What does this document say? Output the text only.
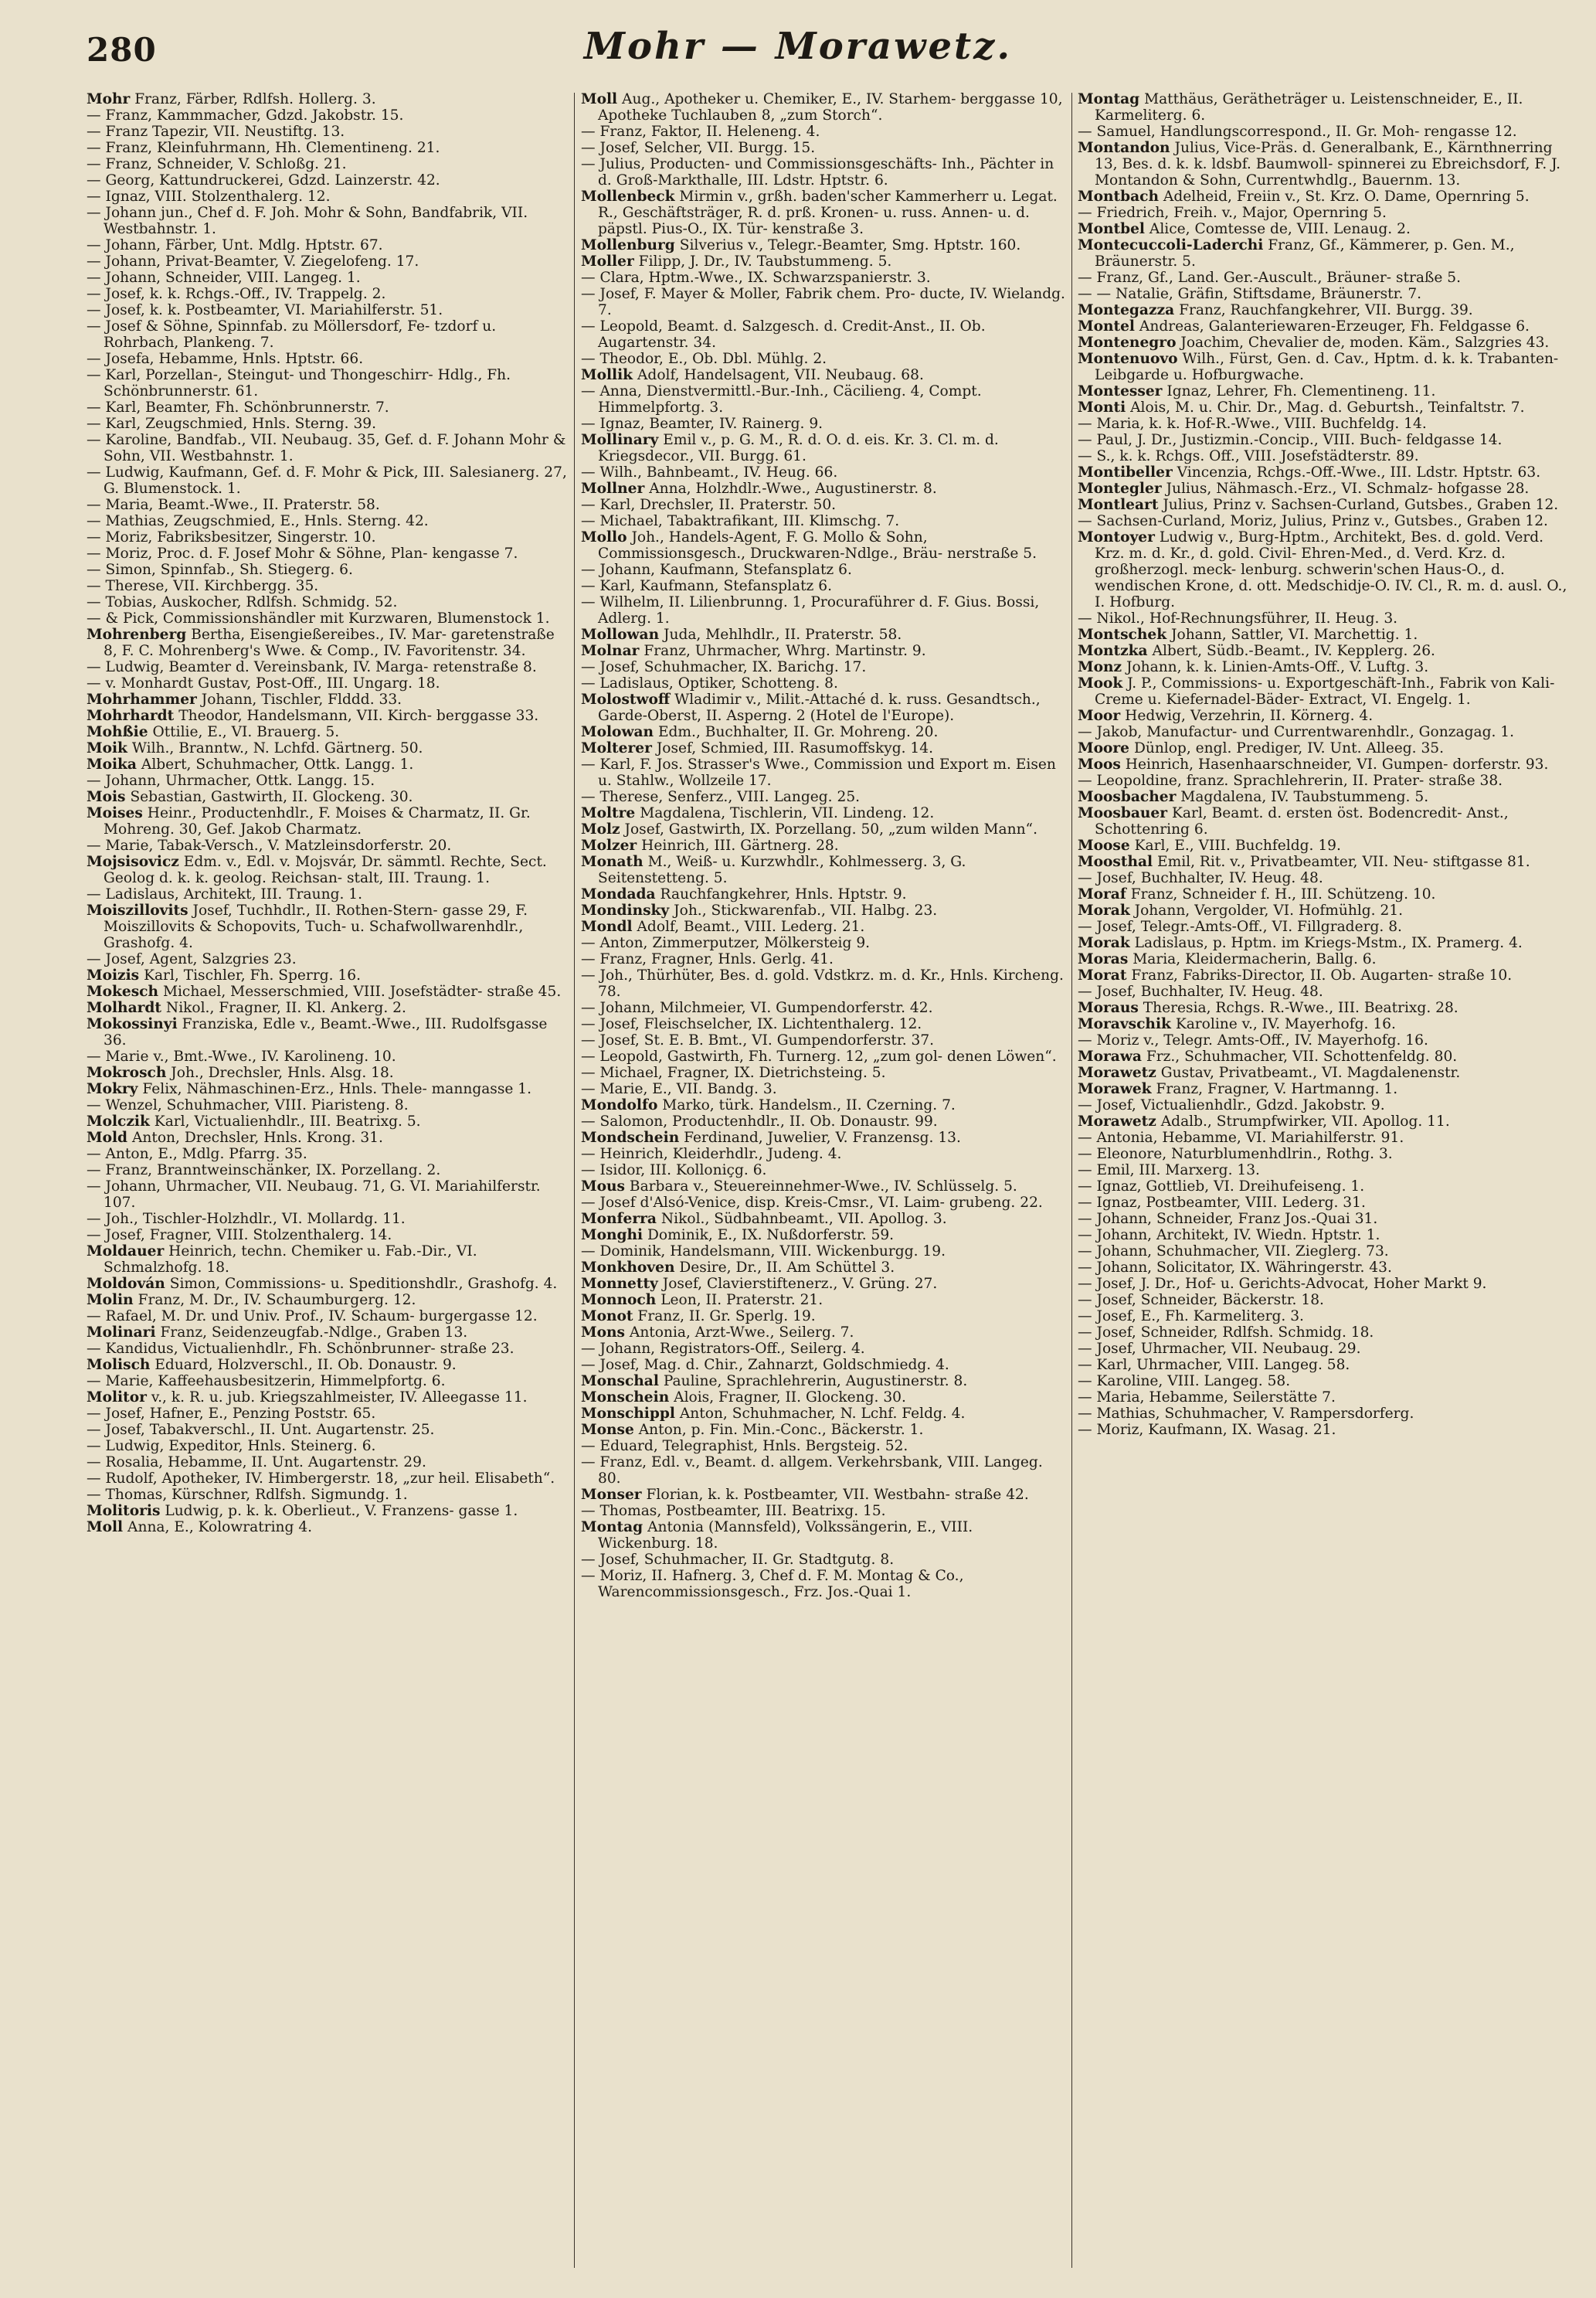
280	Mohr — Morawetz.
Mohr Franz, Färber, Rdlfsh. Hollerg. 3.
— Franz, Kammmacher, Gdzd. Jakobstr. 15.
— Franz Tapezir, VII. Neustiftg. 13.
— Franz, Kleinfuhrmann, Hh. Clementineng. 21.
— Franz, Schneider, V. Schloßg. 21.
— Georg, Kattundruckerei, Gdzd. Lainzerstr. 42.
— Ignaz, VIII. Stolzenthalerg. 12.
— Johann jun., Chef d. F. Joh. Mohr & Sohn, Bandfabrik, VII. Westbahnstr. 1.
— Johann, Färber, Unt. Mdlg. Hptstr. 67.
— Johann, Privat-Beamter, V. Ziegelofeng. 17.
— Johann, Schneider, VIII. Langeg. 1.
— Josef, k. k. Rchgs.-Off., IV. Trappelg. 2.
— Josef, k. k. Postbeamter, VI. Mariahilferstr. 51.
— Josef & Söhne, Spinnfab. zu Möllersdorf, Fe- tzdorf u. Rohrbach, Plankeng. 7.
— Josefa, Hebamme, Hnls. Hptstr. 66.
— Karl, Porzellan-, Steingut- und Thongeschirr- Hdlg., Fh. Schönbrunnerstr. 61.
— Karl, Beamter, Fh. Schönbrunnerstr. 7.
— Karl, Zeugschmied, Hnls. Sterng. 39.
— Karoline, Bandfab., VII. Neubaug. 35, Gef. d. F. Johann Mohr & Sohn, VII. Westbahnstr. 1.
— Ludwig, Kaufmann, Gef. d. F. Mohr & Pick, III. Salesianerg. 27, G. Blumenstock. 1.
— Maria, Beamt.-Wwe., II. Praterstr. 58.
— Mathias, Zeugschmied, E., Hnls. Sterng. 42.
— Moriz, Fabriksbesitzer, Singerstr. 10.
— Moriz, Proc. d. F. Josef Mohr & Söhne, Plan- kengasse 7.
— Simon, Spinnfab., Sh. Stiegerg. 6.
— Therese, VII. Kirchbergg. 35.
— Tobias, Auskocher, Rdlfsh. Schmidg. 52.
— & Pick, Commissionshändler mit Kurzwaren, Blumenstock 1.
Mohrenberg Bertha, Eisengießereibes., IV. Mar- garetenstraße 8, F. C. Mohrenberg's Wwe. & Comp., IV. Favoritenstr. 34.
— Ludwig, Beamter d. Vereinsbank, IV. Marga- retenstraße 8.
— v. Monhardt Gustav, Post-Off., III. Ungarg. 18.
Mohrhammer Johann, Tischler, Flddd. 33.
Mohrhardt Theodor, Handelsmann, VII. Kirch- berggasse 33.
Mohßie Ottilie, E., VI. Brauerg. 5.
Moik Wilh., Branntw., N. Lchfd. Gärtnerg. 50.
Moika Albert, Schuhmacher, Ottk. Langg. 1.
— Johann, Uhrmacher, Ottk. Langg. 15.
Mois Sebastian, Gastwirth, II. Glockeng. 30.
Moises Heinr., Productenhdlr., F. Moises & Charmatz, II. Gr. Mohreng. 30, Gef. Jakob Charmatz.
— Marie, Tabak-Versch., V. Matzleinsdorferstr. 20.
Mojsisovicz Edm. v., Edl. v. Mojsvár, Dr. sämmtl. Rechte, Sect. Geolog d. k. k. geolog. Reichsan- stalt, III. Traung. 1.
— Ladislaus, Architekt, III. Traung. 1.
Moiszillovits Josef, Tuchhdlr., II. Rothen-Stern- gasse 29, F. Moiszillovits & Schopovits, Tuch- u. Schafwollwarenhdlr., Grashofg. 4.
— Josef, Agent, Salzgries 23.
Moizis Karl, Tischler, Fh. Sperrg. 16.
Mokesch Michael, Messerschmied, VIII. Josefstädter- straße 45.
Molhardt Nikol., Fragner, II. Kl. Ankerg. 2.
Mokossinyi Franziska, Edle v., Beamt.-Wwe., III. Rudolfsgasse 36.
— Marie v., Bmt.-Wwe., IV. Karolineng. 10.
Mokrosch Joh., Drechsler, Hnls. Alsg. 18.
Mokry Felix, Nähmaschinen-Erz., Hnls. Thele- manngasse 1.
— Wenzel, Schuhmacher, VIII. Piaristeng. 8.
Molczik Karl, Victualienhdlr., III. Beatrixg. 5.
Mold Anton, Drechsler, Hnls. Krong. 31.
— Anton, E., Mdlg. Pfarrg. 35.
— Franz, Branntweinschänker, IX. Porzellang. 2.
— Johann, Uhrmacher, VII. Neubaug. 71, G. VI. Mariahilferstr. 107.
— Joh., Tischler-Holzhdlr., VI. Mollardg. 11.
— Josef, Fragner, VIII. Stolzenthalerg. 14.
Moldauer Heinrich, techn. Chemiker u. Fab.-Dir., VI. Schmalzhofg. 18.
Moldován Simon, Commissions- u. Speditionshdlr., Grashofg. 4.
Molin Franz, M. Dr., IV. Schaumburgerg. 12.
— Rafael, M. Dr. und Univ. Prof., IV. Schaum- burgergasse 12.
Molinari Franz, Seidenzeugfab.-Ndlge., Graben 13.
— Kandidus, Victualienhdlr., Fh. Schönbrunner- straße 23.
Molisch Eduard, Holzverschl., II. Ob. Donaustr. 9.
— Marie, Kaffeehausbesitzerin, Himmelpfortg. 6.
Molitor v., k. R. u. jub. Kriegszahlmeister, IV. Alleegasse 11.
— Josef, Hafner, E., Penzing Poststr. 65.
— Josef, Tabakverschl., II. Unt. Augartenstr. 25.
— Ludwig, Expeditor, Hnls. Steinerg. 6.
— Rosalia, Hebamme, II. Unt. Augartenstr. 29.
— Rudolf, Apotheker, IV. Himbergerstr. 18, „zur heil. Elisabeth“.
— Thomas, Kürschner, Rdlfsh. Sigmundg. 1.
Molitoris Ludwig, p. k. k. Oberlieut., V. Franzens- gasse 1.
Moll Anna, E., Kolowratring 4.
Moll Aug., Apotheker u. Chemiker, E., IV. Starhem- berggasse 10, Apotheke Tuchlauben 8, „zum Storch“.
— Franz, Faktor, II. Heleneng. 4.
— Josef, Selcher, VII. Burgg. 15.
— Julius, Producten- und Commissionsgeschäfts- Inh., Pächter in d. Groß-Markthalle, III. Ldstr. Hptstr. 6.
Mollenbeck Mirmin v., grßh. baden'scher Kammerherr u. Legat. R., Geschäftsträger, R. d. prß. Kronen- u. russ. Annen- u. d. päpstl. Pius-O., IX. Tür- kenstraße 3.
Mollenburg Silverius v., Telegr.-Beamter, Smg. Hptstr. 160.
Moller Filipp, J. Dr., IV. Taubstummeng. 5.
— Clara, Hptm.-Wwe., IX. Schwarzspanierstr. 3.
— Josef, F. Mayer & Moller, Fabrik chem. Pro- ducte, IV. Wielandg. 7.
— Leopold, Beamt. d. Salzgesch. d. Credit-Anst., II. Ob. Augartenstr. 34.
— Theodor, E., Ob. Dbl. Mühlg. 2.
Mollik Adolf, Handelsagent, VII. Neubaug. 68.
— Anna, Dienstvermittl.-Bur.-Inh., Cäcilieng. 4, Compt. Himmelpfortg. 3.
— Ignaz, Beamter, IV. Rainerg. 9.
Mollinary Emil v., p. G. M., R. d. O. d. eis. Kr. 3. Cl. m. d. Kriegsdecor., VII. Burgg. 61.
— Wilh., Bahnbeamt., IV. Heug. 66.
Mollner Anna, Holzhdlr.-Wwe., Augustinerstr. 8.
— Karl, Drechsler, II. Praterstr. 50.
— Michael, Tabaktrafikant, III. Klimschg. 7.
Mollo Joh., Handels-Agent, F. G. Mollo & Sohn, Commissionsgesch., Druckwaren-Ndlge., Bräu- nerstraße 5.
— Johann, Kaufmann, Stefansplatz 6.
— Karl, Kaufmann, Stefansplatz 6.
— Wilhelm, II. Lilienbrunng. 1, Procuraführer d. F. Gius. Bossi, Adlerg. 1.
Mollowan Juda, Mehlhdlr., II. Praterstr. 58.
Molnar Franz, Uhrmacher, Whrg. Martinstr. 9.
— Josef, Schuhmacher, IX. Barichg. 17.
— Ladislaus, Optiker, Schotteng. 8.
Molostwoff Wladimir v., Milit.-Attaché d. k. russ. Gesandtsch., Garde-Oberst, II. Asperng. 2 (Hotel de l'Europe).
Molowan Edm., Buchhalter, II. Gr. Mohreng. 20.
Molterer Josef, Schmied, III. Rasumoffskyg. 14.
— Karl, F. Jos. Strasser's Wwe., Commission und Export m. Eisen u. Stahlw., Wollzeile 17.
— Therese, Senferz., VIII. Langeg. 25.
Moltre Magdalena, Tischlerin, VII. Lindeng. 12.
Molz Josef, Gastwirth, IX. Porzellang. 50, „zum wilden Mann“.
Molzer Heinrich, III. Gärtnerg. 28.
Monath M., Weiß- u. Kurzwhdlr., Kohlmesserg. 3, G. Seitenstetteng. 5.
Mondada Rauchfangkehrer, Hnls. Hptstr. 9.
Mondinsky Joh., Stickwarenfab., VII. Halbg. 23.
Mondl Adolf, Beamt., VIII. Lederg. 21.
— Anton, Zimmerputzer, Mölkersteig 9.
— Franz, Fragner, Hnls. Gerlg. 41.
— Joh., Thürhüter, Bes. d. gold. Vdstkrz. m. d. Kr., Hnls. Kircheng. 78.
— Johann, Milchmeier, VI. Gumpendorferstr. 42.
— Josef, Fleischselcher, IX. Lichtenthalerg. 12.
— Josef, St. E. B. Bmt., VI. Gumpendorferstr. 37.
— Leopold, Gastwirth, Fh. Turnerg. 12, „zum gol- denen Löwen“.
— Michael, Fragner, IX. Dietrichsteing. 5.
— Marie, E., VII. Bandg. 3.
Mondolfo Marko, türk. Handelsm., II. Czerning. 7.
— Salomon, Productenhdlr., II. Ob. Donaustr. 99.
Mondschein Ferdinand, Juwelier, V. Franzensg. 13.
— Heinrich, Kleiderhdlr., Judeng. 4.
— Isidor, III. Kolloniçg. 6.
Mous Barbara v., Steuereinnehmer-Wwe., IV. Schlüsselg. 5.
— Josef d'Alsó-Venice, disp. Kreis-Cmsr., VI. Laim- grubeng. 22.
Monferra Nikol., Südbahnbeamt., VII. Apollog. 3.
Monghi Dominik, E., IX. Nußdorferstr. 59.
— Dominik, Handelsmann, VIII. Wickenburgg. 19.
Monkhoven Desire, Dr., II. Am Schüttel 3.
Monnetty Josef, Clavierstiftenerz., V. Grüng. 27.
Monnoch Leon, II. Praterstr. 21.
Monot Franz, II. Gr. Sperlg. 19.
Mons Antonia, Arzt-Wwe., Seilerg. 7.
— Johann, Registrators-Off., Seilerg. 4.
— Josef, Mag. d. Chir., Zahnarzt, Goldschmiedg. 4.
Monschal Pauline, Sprachlehrerin, Augustinerstr. 8.
Monschein Alois, Fragner, II. Glockeng. 30.
Monschippl Anton, Schuhmacher, N. Lchf. Feldg. 4.
Monse Anton, p. Fin. Min.-Conc., Bäckerstr. 1.
— Eduard, Telegraphist, Hnls. Bergsteig. 52.
— Franz, Edl. v., Beamt. d. allgem. Verkehrsbank, VIII. Langeg. 80.
Monser Florian, k. k. Postbeamter, VII. Westbahn- straße 42.
— Thomas, Postbeamter, III. Beatrixg. 15.
Montag Antonia (Mannsfeld), Volkssängerin, E., VIII. Wickenburg. 18.
— Josef, Schuhmacher, II. Gr. Stadtgutg. 8.
— Moriz, II. Hafnerg. 3, Chef d. F. M. Montag & Co., Warencommissionsgesch., Frz. Jos.-Quai 1.
Montag Matthäus, Gerätheträger u. Leistenschneider, E., II. Karmeliterg. 6.
— Samuel, Handlungscorrespond., II. Gr. Moh- rengasse 12.
Montandon Julius, Vice-Präs. d. Generalbank, E., Kärnthnerring 13, Bes. d. k. k. ldsbf. Baumwoll- spinnerei zu Ebreichsdorf, F. J. Montandon & Sohn, Currentwhdlg., Bauernm. 13.
Montbach Adelheid, Freiin v., St. Krz. O. Dame, Opernring 5.
— Friedrich, Freih. v., Major, Opernring 5.
Montbel Alice, Comtesse de, VIII. Lenaug. 2.
Montecuccoli-Laderchi Franz, Gf., Kämmerer, p. Gen. M., Bräunerstr. 5.
— Franz, Gf., Land. Ger.-Auscult., Bräuner- straße 5.
— — Natalie, Gräfin, Stiftsdame, Bräunerstr. 7.
Montegazza Franz, Rauchfangkehrer, VII. Burgg. 39.
Montel Andreas, Galanteriewaren-Erzeuger, Fh. Feldgasse 6.
Montenegro Joachim, Chevalier de, moden. Käm., Salzgries 43.
Montenuovo Wilh., Fürst, Gen. d. Cav., Hptm. d. k. k. Trabanten-Leibgarde u. Hofburgwache.
Montesser Ignaz, Lehrer, Fh. Clementineng. 11.
Monti Alois, M. u. Chir. Dr., Mag. d. Geburtsh., Teinfaltstr. 7.
— Maria, k. k. Hof-R.-Wwe., VIII. Buchfeldg. 14.
— Paul, J. Dr., Justizmin.-Concip., VIII. Buch- feldgasse 14.
— S., k. k. Rchgs. Off., VIII. Josefstädterstr. 89.
Montibeller Vincenzia, Rchgs.-Off.-Wwe., III. Ldstr. Hptstr. 63.
Montegler Julius, Nähmasch.-Erz., VI. Schmalz- hofgasse 28.
Montleart Julius, Prinz v. Sachsen-Curland, Gutsbes., Graben 12.
— Sachsen-Curland, Moriz, Julius, Prinz v., Gutsbes., Graben 12.
Montoyer Ludwig v., Burg-Hptm., Architekt, Bes. d. gold. Verd. Krz. m. d. Kr., d. gold. Civil- Ehren-Med., d. Verd. Krz. d. großherzogl. meck- lenburg. schwerin'schen Haus-O., d. wendischen Krone, d. ott. Medschidje-O. IV. Cl., R. m. d. ausl. O., I. Hofburg.
— Nikol., Hof-Rechnungsführer, II. Heug. 3.
Montschek Johann, Sattler, VI. Marchettig. 1.
Montzka Albert, Südb.-Beamt., IV. Kepplerg. 26.
Monz Johann, k. k. Linien-Amts-Off., V. Luftg. 3.
Mook J. P., Commissions- u. Exportgeschäft-Inh., Fabrik von Kali-Creme u. Kiefernadel-Bäder- Extract, VI. Engelg. 1.
Moor Hedwig, Verzehrin, II. Körnerg. 4.
— Jakob, Manufactur- und Currentwarenhdlr., Gonzagag. 1.
Moore Dünlop, engl. Prediger, IV. Unt. Alleeg. 35.
Moos Heinrich, Hasenhaarschneider, VI. Gumpen- dorferstr. 93.
— Leopoldine, franz. Sprachlehrerin, II. Prater- straße 38.
Moosbacher Magdalena, IV. Taubstummeng. 5.
Moosbauer Karl, Beamt. d. ersten öst. Bodencredit- Anst., Schottenring 6.
Moose Karl, E., VIII. Buchfeldg. 19.
Moosthal Emil, Rit. v., Privatbeamter, VII. Neu- stiftgasse 81.
— Josef, Buchhalter, IV. Heug. 48.
Moraf Franz, Schneider f. H., III. Schützeng. 10.
Morak Johann, Vergolder, VI. Hofmühlg. 21.
— Josef, Telegr.-Amts-Off., VI. Fillgraderg. 8.
Morak Ladislaus, p. Hptm. im Kriegs-Mstm., IX. Pramerg. 4.
Moras Maria, Kleidermacherin, Ballg. 6.
Morat Franz, Fabriks-Director, II. Ob. Augarten- straße 10.
— Josef, Buchhalter, IV. Heug. 48.
Moraus Theresia, Rchgs. R.-Wwe., III. Beatrixg. 28.
Moravschik Karoline v., IV. Mayerhofg. 16.
— Moriz v., Telegr. Amts-Off., IV. Mayerhofg. 16.
Morawa Frz., Schuhmacher, VII. Schottenfeldg. 80.
Morawetz Gustav, Privatbeamt., VI. Magdalenenstr.
Morawek Franz, Fragner, V. Hartmanng. 1.
— Josef, Victualienhdlr., Gdzd. Jakobstr. 9.
Morawetz Adalb., Strumpfwirker, VII. Apollog. 11.
— Antonia, Hebamme, VI. Mariahilferstr. 91.
— Eleonore, Naturblumenhdlrin., Rothg. 3.
— Emil, III. Marxerg. 13.
— Ignaz, Gottlieb, VI. Dreihufeiseng. 1.
— Ignaz, Postbeamter, VIII. Lederg. 31.
— Johann, Schneider, Franz Jos.-Quai 31.
— Johann, Architekt, IV. Wiedn. Hptstr. 1.
— Johann, Schuhmacher, VII. Zieglerg. 73.
— Johann, Solicitator, IX. Währingerstr. 43.
— Josef, J. Dr., Hof- u. Gerichts-Advocat, Hoher Markt 9.
— Josef, Schneider, Bäckerstr. 18.
— Josef, E., Fh. Karmeliterg. 3.
— Josef, Schneider, Rdlfsh. Schmidg. 18.
— Josef, Uhrmacher, VII. Neubaug. 29.
— Karl, Uhrmacher, VIII. Langeg. 58.
— Karoline, VIII. Langeg. 58.
— Maria, Hebamme, Seilerstätte 7.
— Mathias, Schuhmacher, V. Rampersdorferg.
— Moriz, Kaufmann, IX. Wasag. 21.
